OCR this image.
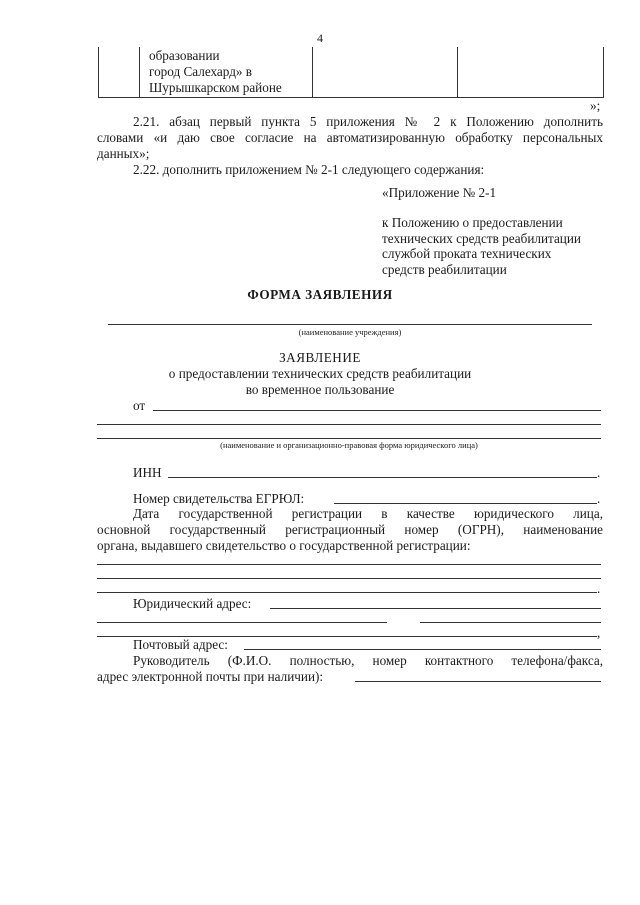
4
образовании
город Салехард» в
Шурышкарском районе
»;
2.21. абзац первый пункта 5 приложения № 2 к Положению дополнить
словами «и даю свое согласие на автоматизированную обработку персональных
данных»;
2.22. дополнить приложением № 2-1 следующего содержания:
«Приложение № 2-1
к Положению о предоставлении
технических средств реабилитации
службой проката технических
средств реабилитации
ФОРМА ЗАЯВЛЕНИЯ
(наименование учреждения)
ЗАЯВЛЕНИЕ
о предоставлении технических средств реабилитации
во временное пользование
от
(наименование и организационно-правовая форма юридического лица)
ИНН	.
Номер свидетельства ЕГРЮЛ:	.
Дата государственной регистрации в качестве юридического лица,
основной государственный регистрационный номер (ОГРН), наименование
органа, выдавшего свидетельство о государственной регистрации:
.
Юридический адрес:
,
Почтовый адрес:
Руководитель (Ф.И.О. полностью, номер контактного телефона/факса,
адрес электронной почты при наличии):
